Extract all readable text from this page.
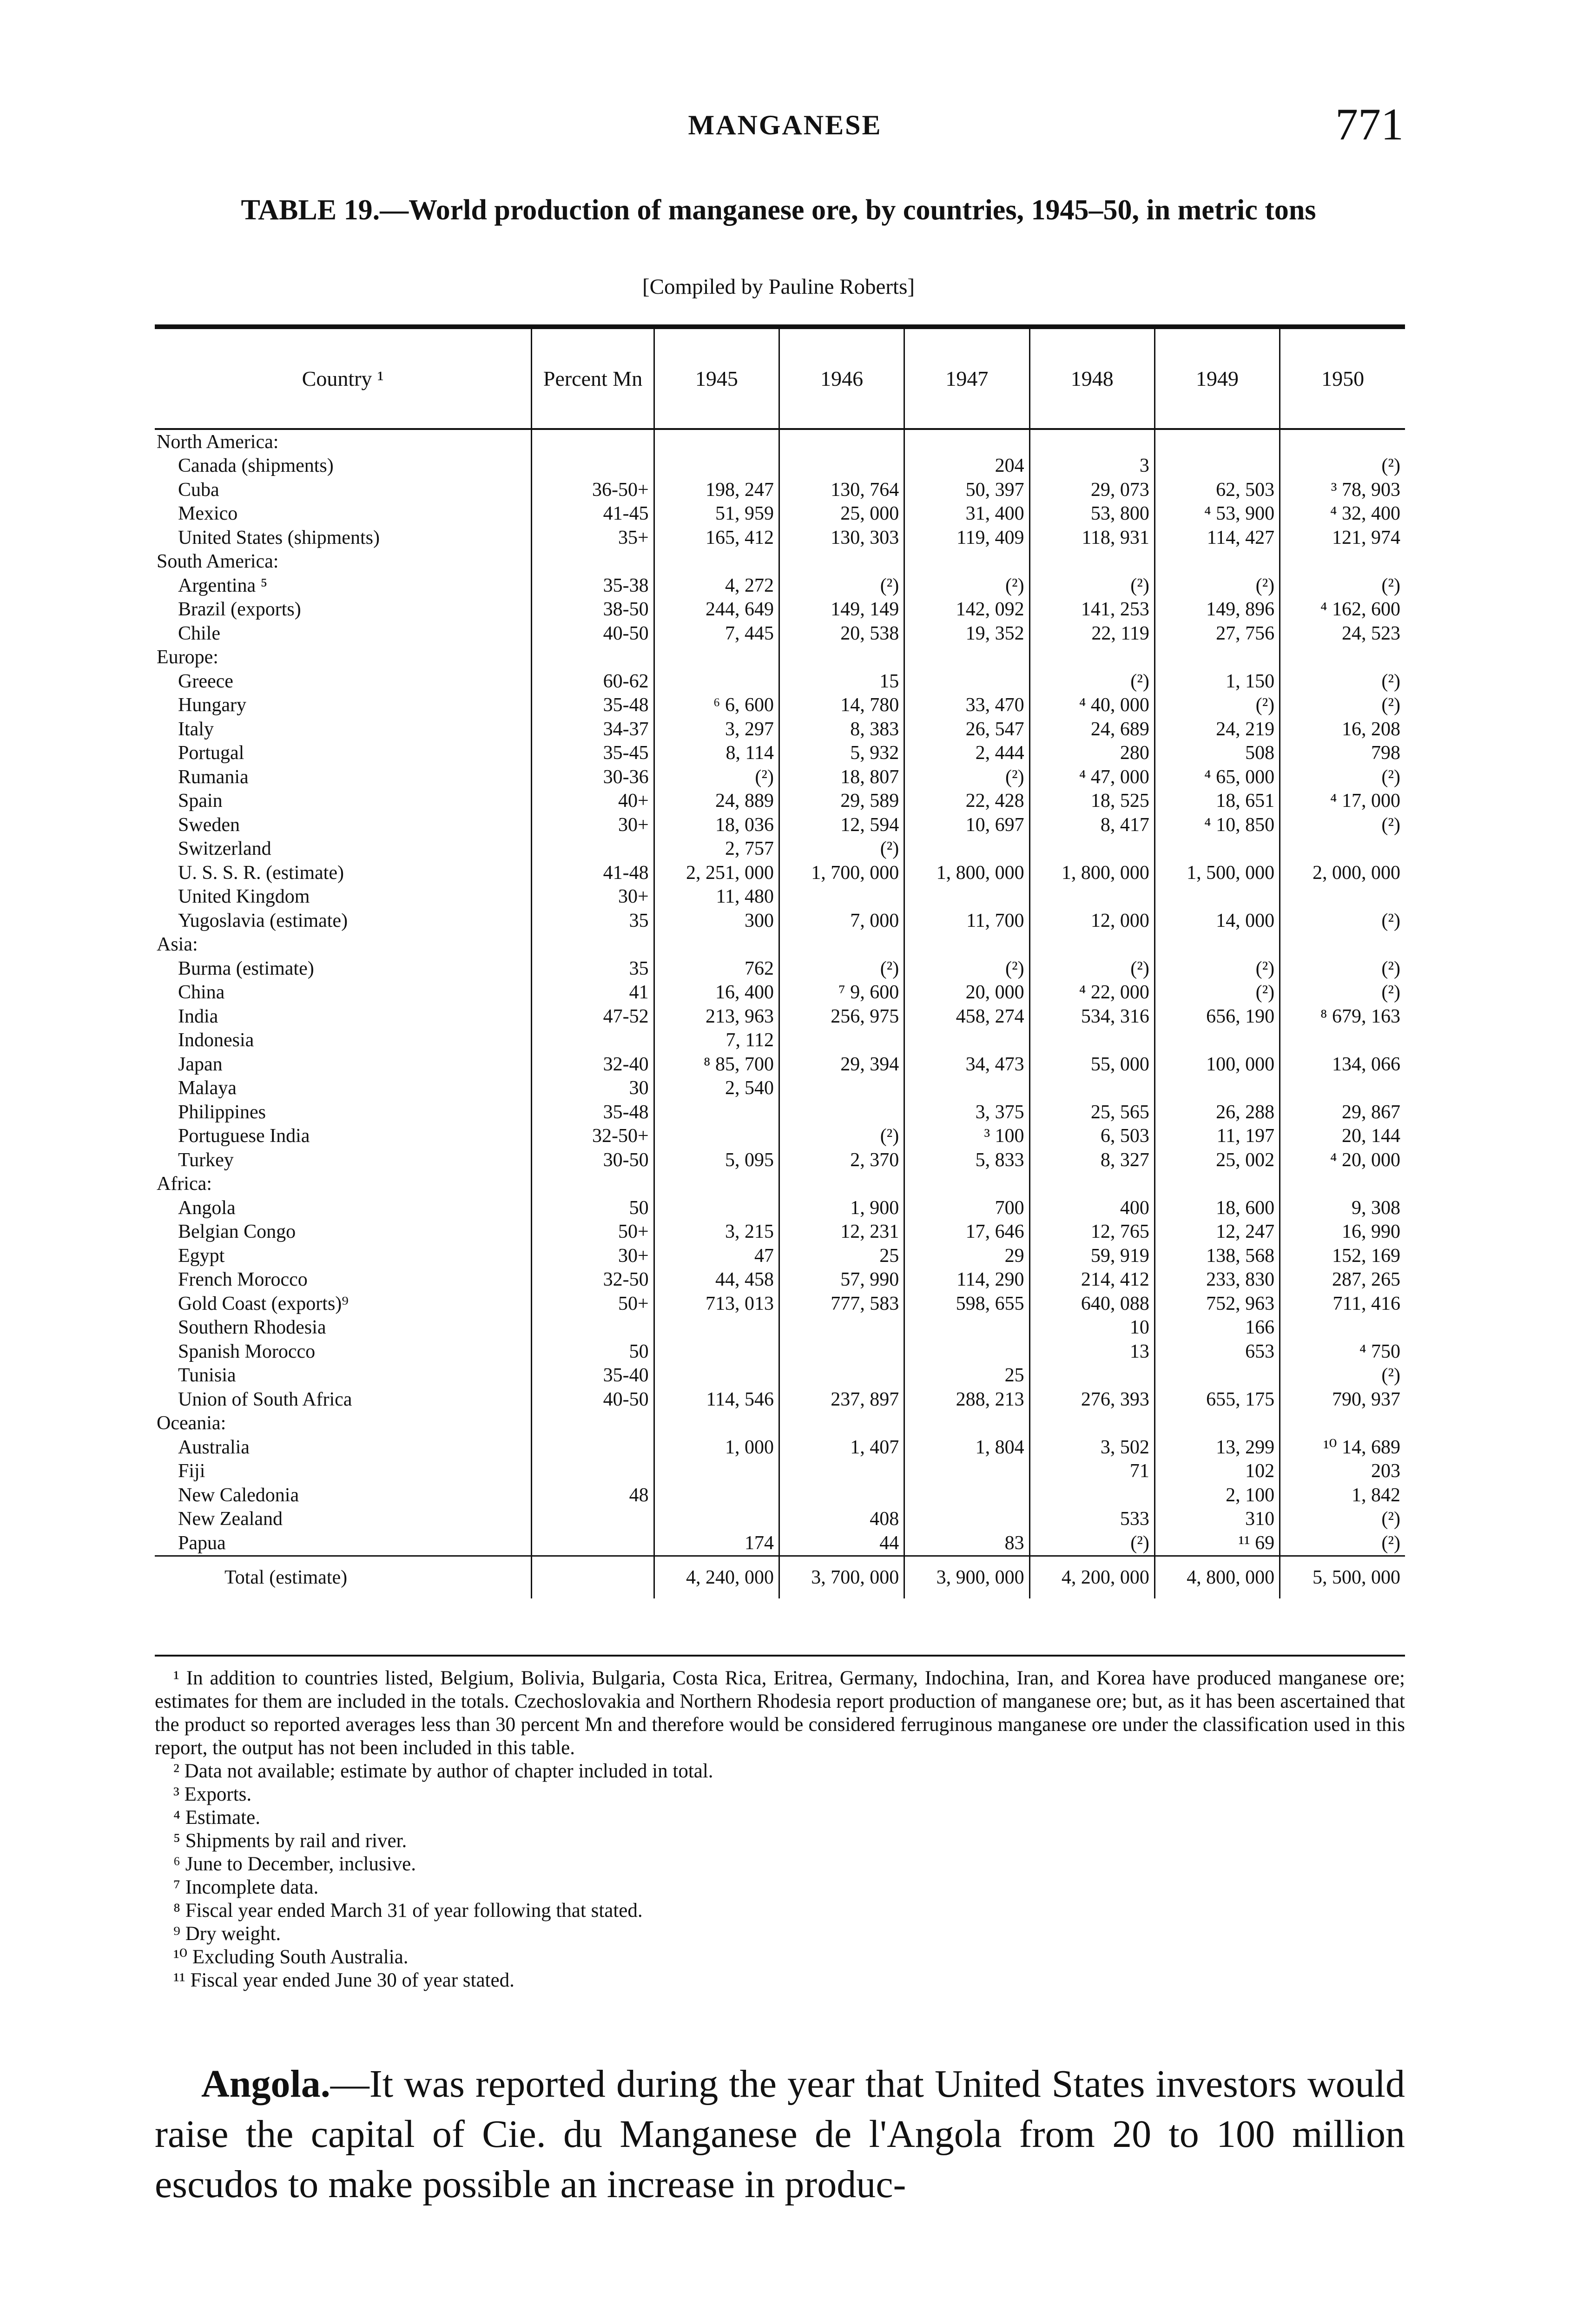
MANGANESE	771
TABLE 19.—World production of manganese ore, by countries, 1945–50, in metric tons
[Compiled by Pauline Roberts]
Country ¹	Percent Mn	1945	1946	1947	1948	1949	1950
North America:							
Canada (shipments)				204	3		(²)
Cuba	36-50+	198, 247	130, 764	50, 397	29, 073	62, 503	³ 78, 903
Mexico	41-45	51, 959	25, 000	31, 400	53, 800	⁴ 53, 900	⁴ 32, 400
United States (shipments)	35+	165, 412	130, 303	119, 409	118, 931	114, 427	121, 974
South America:							
Argentina ⁵	35-38	4, 272	(²)	(²)	(²)	(²)	(²)
Brazil (exports)	38-50	244, 649	149, 149	142, 092	141, 253	149, 896	⁴ 162, 600
Chile	40-50	7, 445	20, 538	19, 352	22, 119	27, 756	24, 523
Europe:							
Greece	60-62		15		(²)	1, 150	(²)
Hungary	35-48	⁶ 6, 600	14, 780	33, 470	⁴ 40, 000	(²)	(²)
Italy	34-37	3, 297	8, 383	26, 547	24, 689	24, 219	16, 208
Portugal	35-45	8, 114	5, 932	2, 444	280	508	798
Rumania	30-36	(²)	18, 807	(²)	⁴ 47, 000	⁴ 65, 000	(²)
Spain	40+	24, 889	29, 589	22, 428	18, 525	18, 651	⁴ 17, 000
Sweden	30+	18, 036	12, 594	10, 697	8, 417	⁴ 10, 850	(²)
Switzerland		2, 757	(²)				
U. S. S. R. (estimate)	41-48	2, 251, 000	1, 700, 000	1, 800, 000	1, 800, 000	1, 500, 000	2, 000, 000
United Kingdom	30+	11, 480					
Yugoslavia (estimate)	35	300	7, 000	11, 700	12, 000	14, 000	(²)
Asia:							
Burma (estimate)	35	762	(²)	(²)	(²)	(²)	(²)
China	41	16, 400	⁷ 9, 600	20, 000	⁴ 22, 000	(²)	(²)
India	47-52	213, 963	256, 975	458, 274	534, 316	656, 190	⁸ 679, 163
Indonesia		7, 112					
Japan	32-40	⁸ 85, 700	29, 394	34, 473	55, 000	100, 000	134, 066
Malaya	30	2, 540					
Philippines	35-48			3, 375	25, 565	26, 288	29, 867
Portuguese India	32-50+		(²)	³ 100	6, 503	11, 197	20, 144
Turkey	30-50	5, 095	2, 370	5, 833	8, 327	25, 002	⁴ 20, 000
Africa:							
Angola	50		1, 900	700	400	18, 600	9, 308
Belgian Congo	50+	3, 215	12, 231	17, 646	12, 765	12, 247	16, 990
Egypt	30+	47	25	29	59, 919	138, 568	152, 169
French Morocco	32-50	44, 458	57, 990	114, 290	214, 412	233, 830	287, 265
Gold Coast (exports)⁹	50+	713, 013	777, 583	598, 655	640, 088	752, 963	711, 416
Southern Rhodesia					10	166	
Spanish Morocco	50				13	653	⁴ 750
Tunisia	35-40			25			(²)
Union of South Africa	40-50	114, 546	237, 897	288, 213	276, 393	655, 175	790, 937
Oceania:							
Australia		1, 000	1, 407	1, 804	3, 502	13, 299	¹⁰ 14, 689
Fiji					71	102	203
New Caledonia	48					2, 100	1, 842
New Zealand			408		533	310	(²)
Papua		174	44	83	(²)	¹¹ 69	(²)
Total (estimate)		4, 240, 000	3, 700, 000	3, 900, 000	4, 200, 000	4, 800, 000	5, 500, 000

¹ In addition to countries listed, Belgium, Bolivia, Bulgaria, Costa Rica, Eritrea, Germany, Indochina, Iran, and Korea have produced manganese ore; estimates for them are included in the totals. Czechoslovakia and Northern Rhodesia report production of manganese ore; but, as it has been ascertained that the product so reported averages less than 30 percent Mn and therefore would be considered ferruginous manganese ore under the classification used in this report, the output has not been included in this table.

² Data not available; estimate by author of chapter included in total.

³ Exports.

⁴ Estimate.

⁵ Shipments by rail and river.

⁶ June to December, inclusive.

⁷ Incomplete data.

⁸ Fiscal year ended March 31 of year following that stated.

⁹ Dry weight.

¹⁰ Excluding South Australia.

¹¹ Fiscal year ended June 30 of year stated.

Angola.—It was reported during the year that United States investors would raise the capital of Cie. du Manganese de l'Angola from 20 to 100 million escudos to make possible an increase in produc-
